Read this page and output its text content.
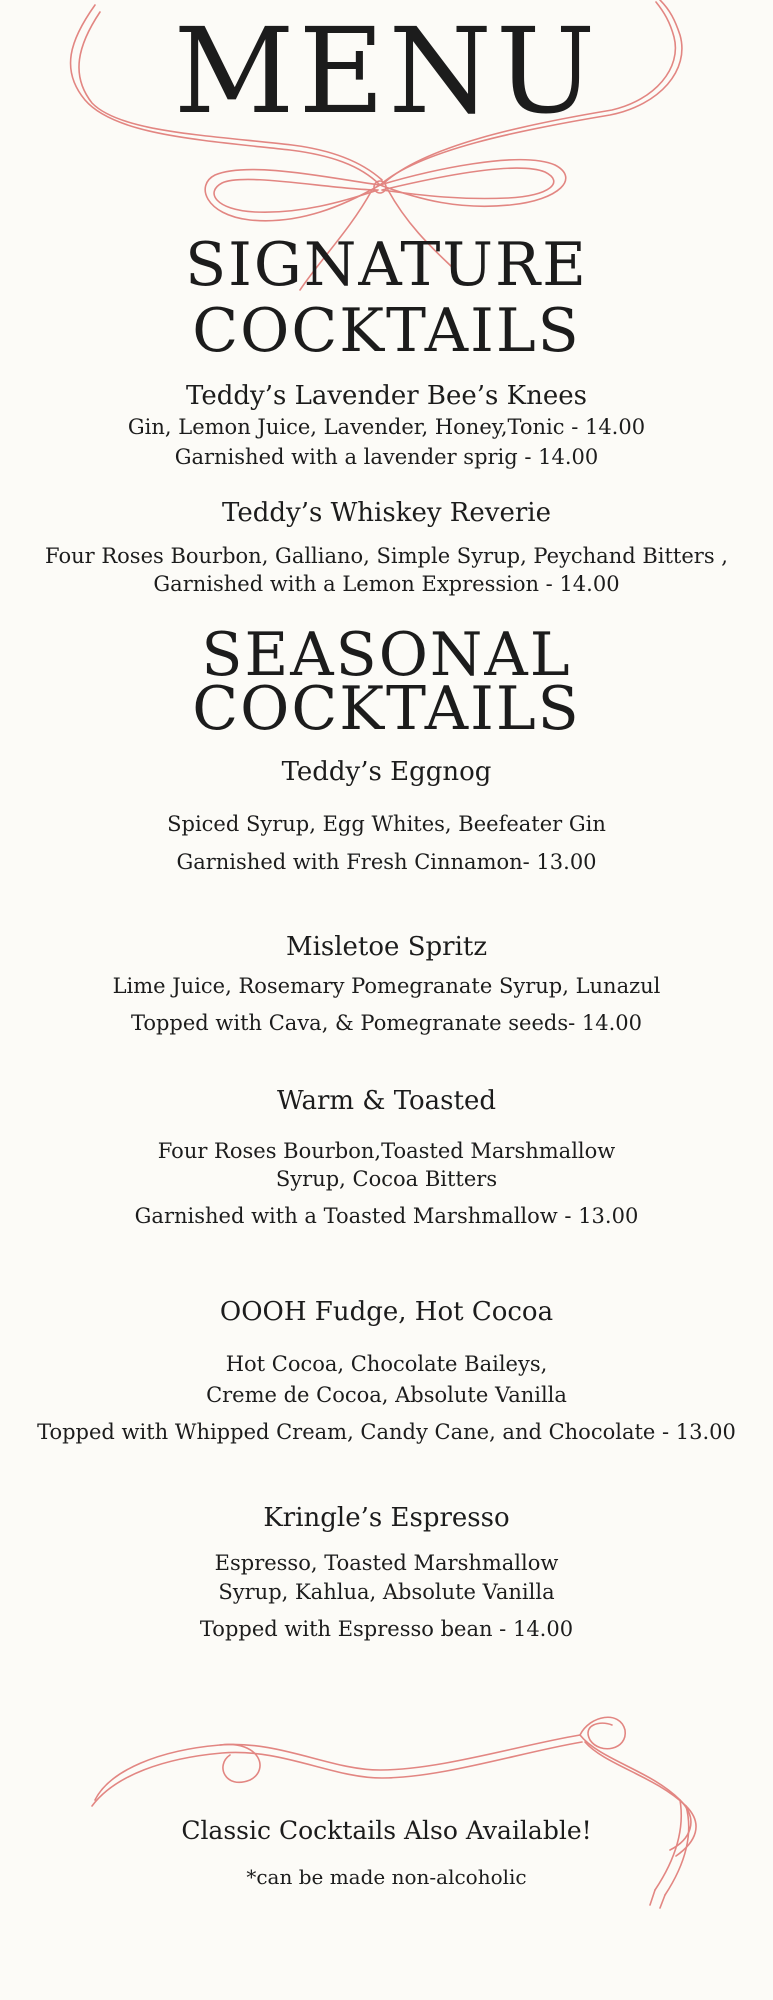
MENU
SIGNATURE
COCKTAILS
Teddy’s Lavender Bee’s Knees
Gin, Lemon Juice, Lavender, Honey,Tonic - 14.00
Garnished with a lavender sprig - 14.00
Teddy’s Whiskey Reverie
Four Roses Bourbon, Galliano, Simple Syrup, Peychand Bitters ,
Garnished with a Lemon Expression - 14.00
SEASONAL
COCKTAILS
Teddy’s Eggnog
Spiced Syrup, Egg Whites, Beefeater Gin
Garnished with Fresh Cinnamon- 13.00
Misletoe Spritz
Lime Juice, Rosemary Pomegranate Syrup, Lunazul
Topped with Cava, & Pomegranate seeds- 14.00
Warm & Toasted
Four Roses Bourbon,Toasted Marshmallow
Syrup, Cocoa Bitters
Garnished with a Toasted Marshmallow - 13.00
OOOH Fudge, Hot Cocoa
Hot Cocoa, Chocolate Baileys,
Creme de Cocoa, Absolute Vanilla
Topped with Whipped Cream, Candy Cane, and Chocolate - 13.00
Kringle’s Espresso
Espresso, Toasted Marshmallow
Syrup, Kahlua, Absolute Vanilla
Topped with Espresso bean - 14.00
Classic Cocktails Also Available!
*can be made non-alcoholic
